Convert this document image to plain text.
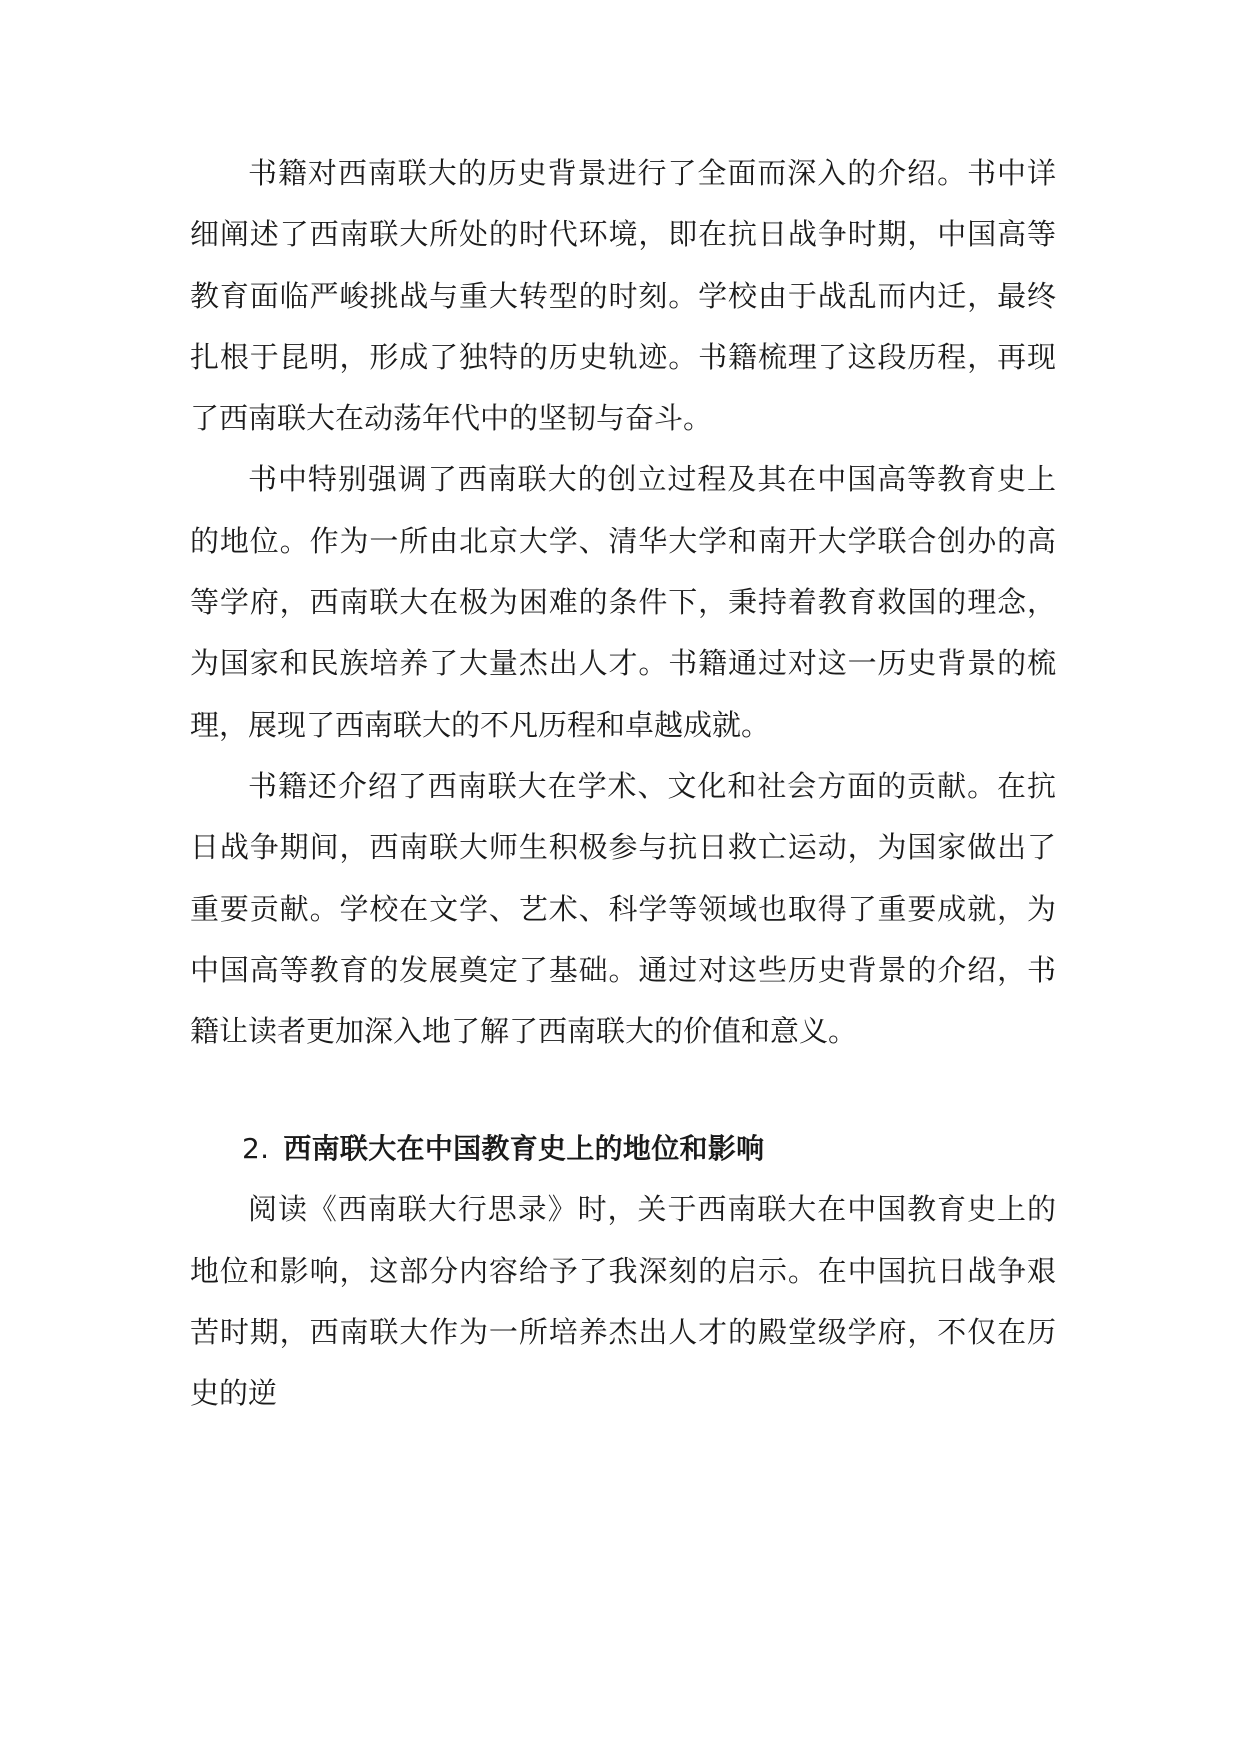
书籍对西南联大的历史背景进行了全面而深入的介绍。书中详细阐述了西南联大所处的时代环境，即在抗日战争时期，中国高等教育面临严峻挑战与重大转型的时刻。学校由于战乱而内迁，最终扎根于昆明，形成了独特的历史轨迹。书籍梳理了这段历程，再现了西南联大在动荡年代中的坚韧与奋斗。

书中特别强调了西南联大的创立过程及其在中国高等教育史上的地位。作为一所由北京大学、清华大学和南开大学联合创办的高等学府，西南联大在极为困难的条件下，秉持着教育救国的理念，为国家和民族培养了大量杰出人才。书籍通过对这一历史背景的梳理，展现了西南联大的不凡历程和卓越成就。

书籍还介绍了西南联大在学术、文化和社会方面的贡献。在抗日战争期间，西南联大师生积极参与抗日救亡运动，为国家做出了重要贡献。学校在文学、艺术、科学等领域也取得了重要成就，为中国高等教育的发展奠定了基础。通过对这些历史背景的介绍，书籍让读者更加深入地了解了西南联大的价值和意义。

2. 西南联大在中国教育史上的地位和影响

阅读《西南联大行思录》时，关于西南联大在中国教育史上的地位和影响，这部分内容给予了我深刻的启示。在中国抗日战争艰苦时期，西南联大作为一所培养杰出人才的殿堂级学府，不仅在历史的逆
